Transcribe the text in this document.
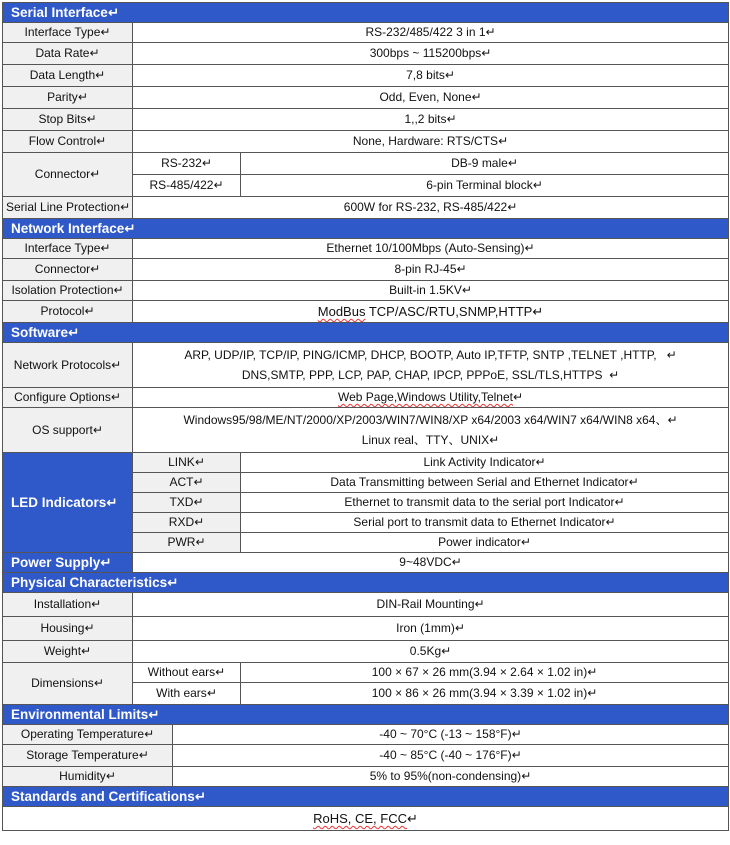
Serial Interface↵		
Interface Type↵	RS-232/485/422 3 in 1↵	
Data Rate↵	300bps ~ 115200bps↵	
Data Length↵	7,8 bits↵	
Parity↵	Odd, Even, None↵	
Stop Bits↵	1,,2 bits↵	
Flow Control↵	None, Hardware: RTS/CTS↵	
Connector↵	RS-232↵	DB-9 male↵
	RS-485/422↵	6-pin Terminal block↵
Serial Line Protection↵	600W for RS-232, RS-485/422↵	
Network Interface↵		
Interface Type↵	Ethernet 10/100Mbps (Auto-Sensing)↵	
Connector↵	8-pin RJ-45↵	
Isolation Protection↵	Built-in 1.5KV↵	
Protocol↵	ModBus TCP/ASC/RTU,SNMP,HTTP↵	
Software↵		
Network Protocols↵	ARP, UDP/IP, TCP/IP, PING/ICMP, DHCP, BOOTP, Auto IP,TFTP, SNTP ,TELNET ,HTTP, ↵
DNS,SMTP, PPP, LCP, PAP, CHAP, IPCP, PPPoE, SSL/TLS,HTTPS ↵	
Configure Options↵	Web Page,Windows Utility,Telnet↵	
OS support↵	Windows95/98/ME/NT/2000/XP/2003/WIN7/WIN8/XP x64/2003 x64/WIN7 x64/WIN8 x64、↵
Linux real、TTY、UNIX↵	
LED Indicators↵	LINK↵	Link Activity Indicator↵
	ACT↵	Data Transmitting between Serial and Ethernet Indicator↵
	TXD↵	Ethernet to transmit data to the serial port Indicator↵
	RXD↵	Serial port to transmit data to Ethernet Indicator↵
	PWR↵	Power indicator↵
Power Supply↵	9~48VDC↵	
Physical Characteristics↵		
Installation↵	DIN-Rail Mounting↵	
Housing↵	Iron (1mm)↵	
Weight↵	0.5Kg↵	
Dimensions↵	Without ears↵	100 × 67 × 26 mm(3.94 × 2.64 × 1.02 in)↵
	With ears↵	100 × 86 × 26 mm(3.94 × 3.39 × 1.02 in)↵
Environmental Limits↵	
Operating Temperature↵	-40 ~ 70°C (-13 ~ 158°F)↵
Storage Temperature↵	-40 ~ 85°C (-40 ~ 176°F)↵
Humidity↵	5% to 95%(non-condensing)↵
Standards and Certifications↵	
RoHS, CE, FCC↵	
